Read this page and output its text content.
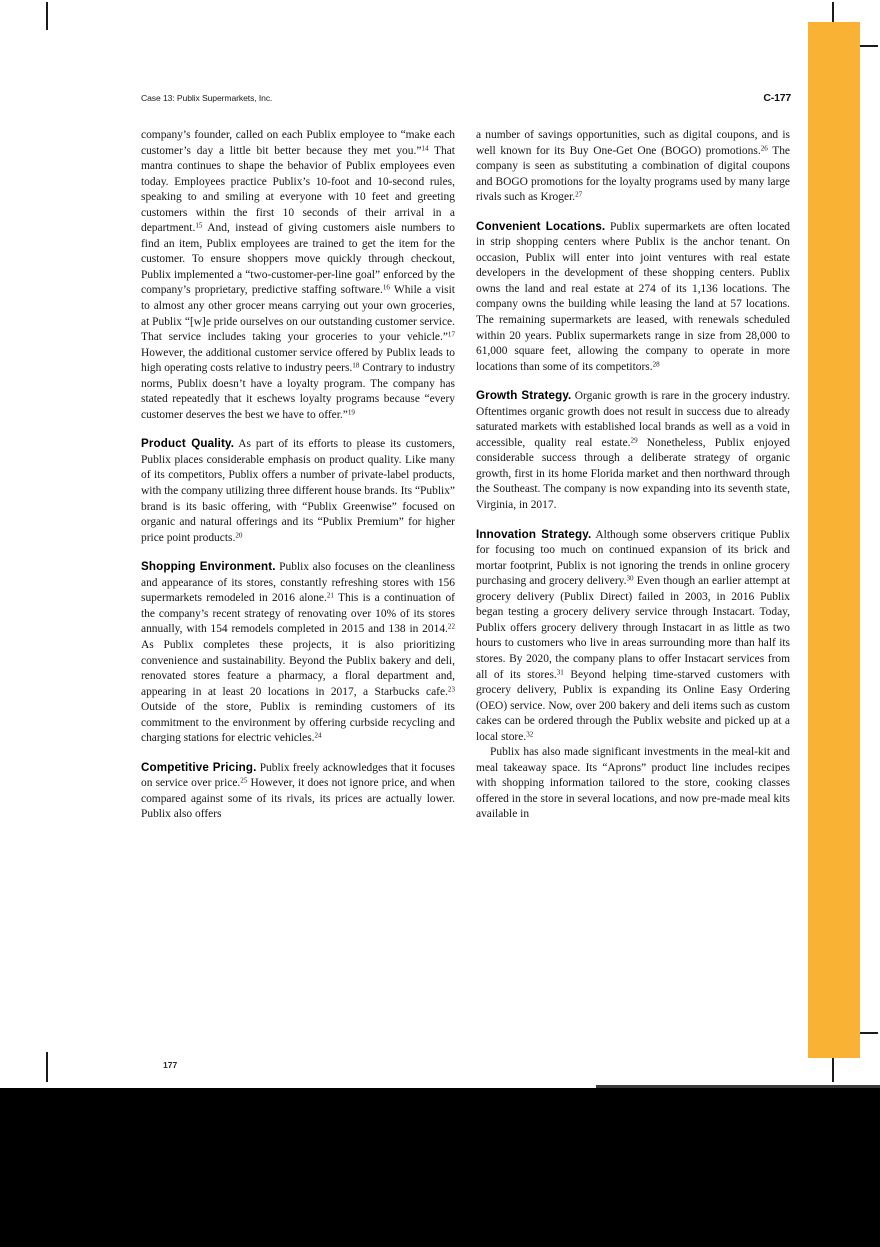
Case 13: Publix Supermarkets, Inc.	C-177

company’s founder, called on each Publix employee to “make each customer’s day a little bit better because they met you.”$^{14}$ That mantra continues to shape the behavior of Publix employees even today. Employees practice Publix’s 10-foot and 10-second rules, speaking to and smiling at everyone with 10 feet and greeting customers within the first 10 seconds of their arrival in a department.$^{15}$ And, instead of giving customers aisle numbers to find an item, Publix employees are trained to get the item for the customer. To ensure shoppers move quickly through checkout, Publix implemented a “two-customer-per-line goal” enforced by the company’s proprietary, predictive staffing software.$^{16}$ While a visit to almost any other grocer means carrying out your own groceries, at Publix “[w]e pride ourselves on our outstanding customer service. That service includes taking your groceries to your vehicle.”$^{17}$ However, the additional customer service offered by Publix leads to high operating costs relative to industry peers.$^{18}$ Contrary to industry norms, Publix doesn’t have a loyalty program. The company has stated repeatedly that it eschews loyalty programs because “every customer deserves the best we have to offer.”$^{19}$

Product Quality. As part of its efforts to please its customers, Publix places considerable emphasis on product quality. Like many of its competitors, Publix offers a number of private-label products, with the company utilizing three different house brands. Its “Publix” brand is its basic offering, with “Publix Greenwise” focused on organic and natural offerings and its “Publix Premium” for higher price point products.$^{20}$

Shopping Environment. Publix also focuses on the cleanliness and appearance of its stores, constantly refreshing stores with 156 supermarkets remodeled in 2016 alone.$^{21}$ This is a continuation of the company’s recent strategy of renovating over 10% of its stores annually, with 154 remodels completed in 2015 and 138 in 2014.22 As Publix completes these projects, it is also prioritizing convenience and sustainability. Beyond the Publix bakery and deli, renovated stores feature a pharmacy, a floral department and, appearing in at least 20 locations in 2017, a Starbucks cafe.$^{23}$ Outside of the store, Publix is reminding customers of its commitment to the environment by offering curbside recycling and charging stations for electric vehicles.$^{24}$

Competitive Pricing. Publix freely acknowledges that it focuses on service over price.$^{25}$ However, it does not ignore price, and when compared against some of its rivals, its prices are actually lower. Publix also offers

a number of savings opportunities, such as digital coupons, and is well known for its Buy One-Get One (BOGO) promotions.$^{26}$ The company is seen as substituting a combination of digital coupons and BOGO promotions for the loyalty programs used by many large rivals such as Kroger.$^{27}$

Convenient Locations. Publix supermarkets are often located in strip shopping centers where Publix is the anchor tenant. On occasion, Publix will enter into joint ventures with real estate developers in the development of these shopping centers. Publix owns the land and real estate at 274 of its 1,136 locations. The company owns the building while leasing the land at 57 locations. The remaining supermarkets are leased, with renewals scheduled within 20 years. Publix supermarkets range in size from 28,000 to 61,000 square feet, allowing the company to operate in more locations than some of its competitors.$^{28}$

Growth Strategy. Organic growth is rare in the grocery industry. Oftentimes organic growth does not result in success due to already saturated markets with established local brands as well as a void in accessible, quality real estate.$^{29}$ Nonetheless, Publix enjoyed considerable success through a deliberate strategy of organic growth, first in its home Florida market and then northward through the Southeast. The company is now expanding into its seventh state, Virginia, in 2017.

Innovation Strategy. Although some observers critique Publix for focusing too much on continued expansion of its brick and mortar footprint, Publix is not ignoring the trends in online grocery purchasing and grocery delivery.$^{30}$ Even though an earlier attempt at grocery delivery (Publix Direct) failed in 2003, in 2016 Publix began testing a grocery delivery service through Instacart. Today, Publix offers grocery delivery through Instacart in as little as two hours to customers who live in areas surrounding more than half its stores. By 2020, the company plans to offer Instacart services from all of its stores.$^{31}$ Beyond helping time-starved customers with grocery delivery, Publix is expanding its Online Easy Ordering (OEO) service. Now, over 200 bakery and deli items such as custom cakes can be ordered through the Publix website and picked up at a local store.$^{32}$

Publix has also made significant investments in the meal-kit and meal takeaway space. Its “Aprons” product line includes recipes with shopping information tailored to the store, cooking classes offered in the store in several locations, and now pre-made meal kits available in

177
